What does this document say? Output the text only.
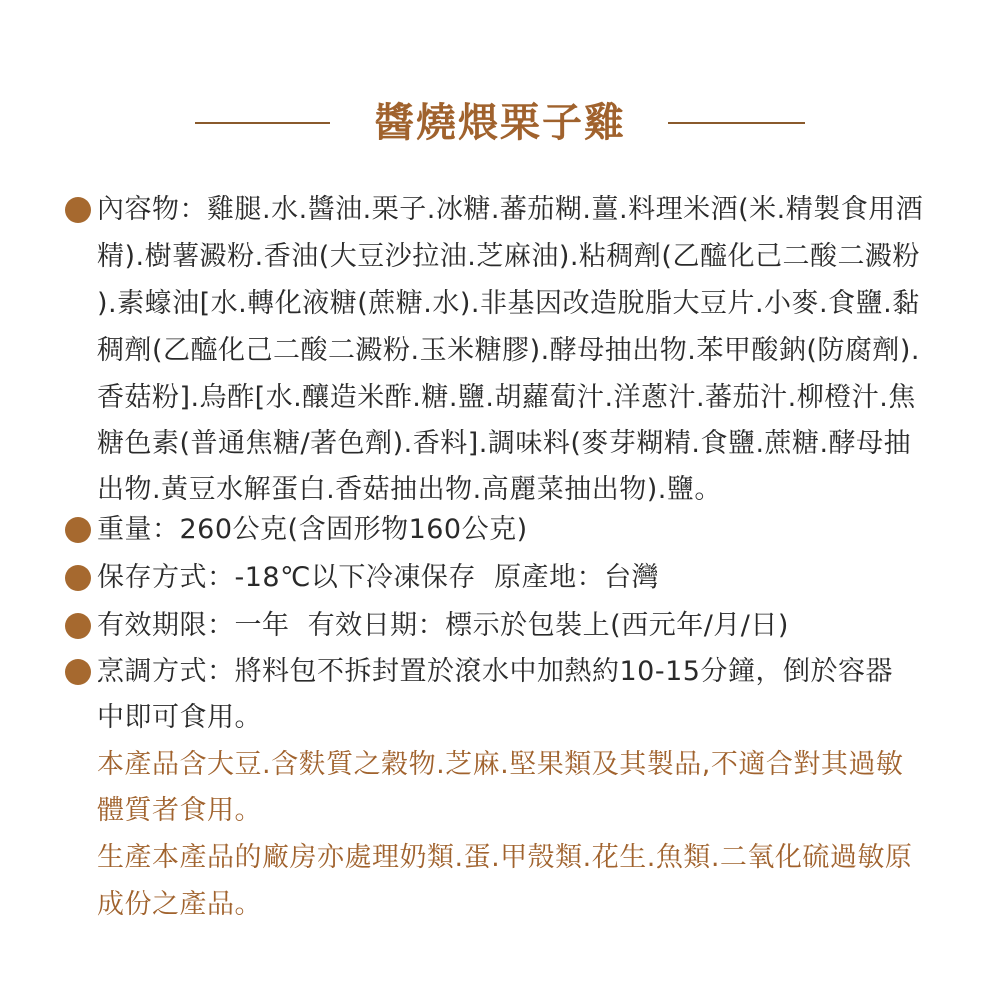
醬燒煨栗子雞
內容物：雞腿.水.醬油.栗子.冰糖.蕃茄糊.薑.料理米酒(米.精製食用酒
精).樹薯澱粉.香油(大豆沙拉油.芝麻油).粘稠劑(乙醯化己二酸二澱粉
).素蠔油[水.轉化液糖(蔗糖.水).非基因改造脫脂大豆片.小麥.食鹽.黏
稠劑(乙醯化己二酸二澱粉.玉米糖膠).酵母抽出物.苯甲酸鈉(防腐劑).
香菇粉].烏酢[水.釀造米酢.糖.鹽.胡蘿蔔汁.洋蔥汁.蕃茄汁.柳橙汁.焦
糖色素(普通焦糖/著色劑).香料].調味料(麥芽糊精.食鹽.蔗糖.酵母抽
出物.黃豆水解蛋白.香菇抽出物.高麗菜抽出物).鹽。
重量：260公克(含固形物160公克)
保存方式：-18℃以下冷凍保存  原產地：台灣
有效期限：一年  有效日期：標示於包裝上(西元年/月/日)
烹調方式：將料包不拆封置於滾水中加熱約10-15分鐘，倒於容器
中即可食用。
本產品含大豆.含麩質之穀物.芝麻.堅果類及其製品,不適合對其過敏
體質者食用。
生產本產品的廠房亦處理奶類.蛋.甲殼類.花生.魚類.二氧化硫過敏原
成份之產品。
